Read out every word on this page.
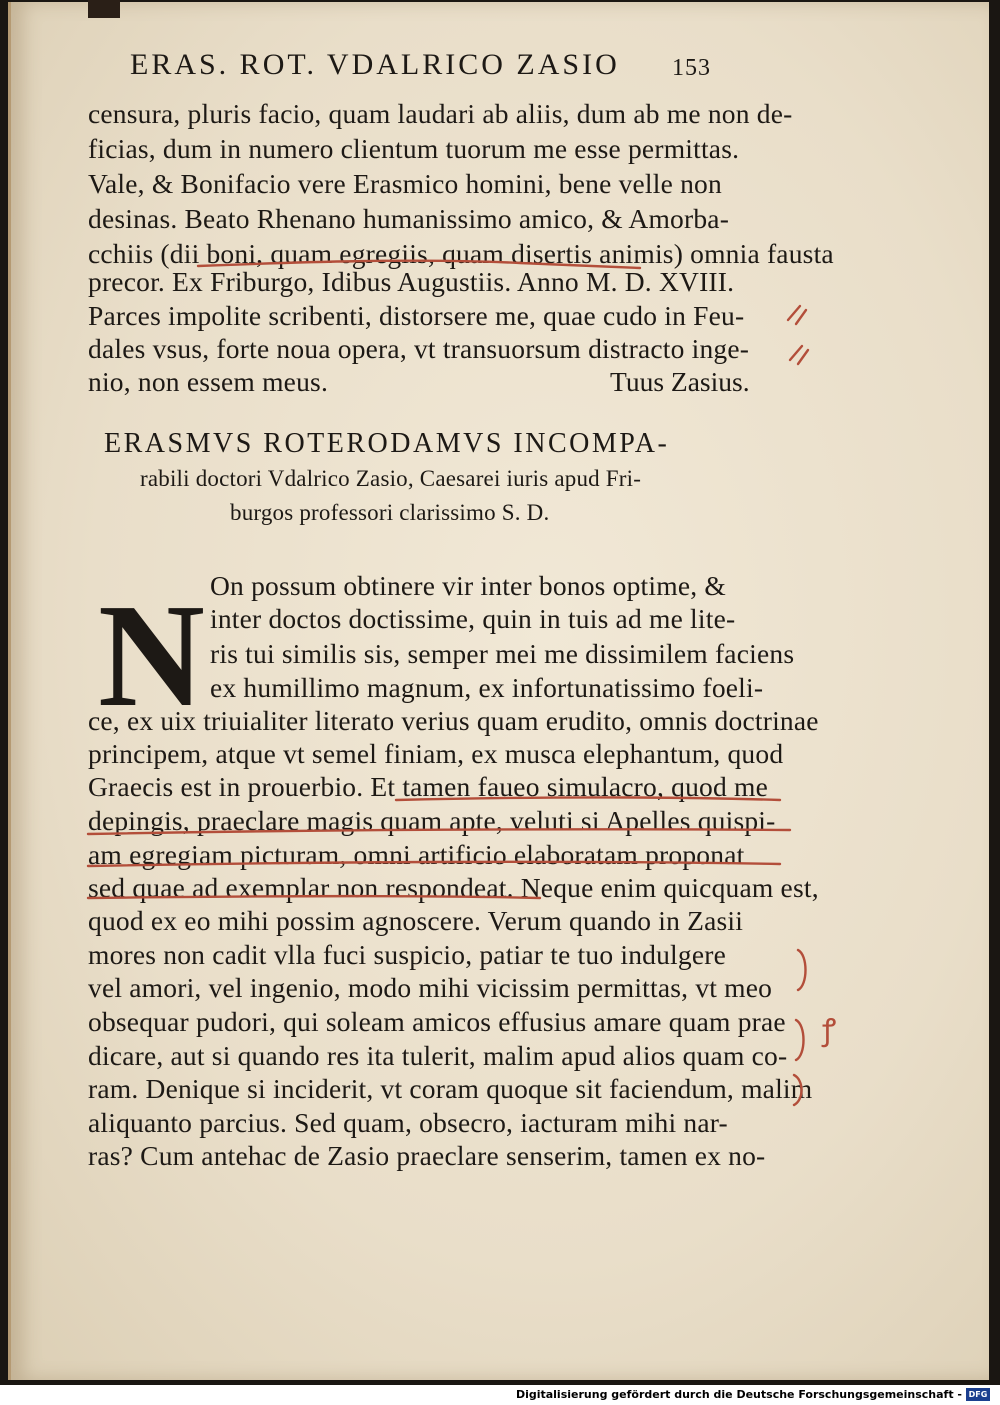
ERAS. ROT. VDALRICO ZASIO 153
censura, pluris facio, quam laudari ab aliis, dum ab me non de-
ficias, dum in numero clientum tuorum me esse permittas.
Vale, & Bonifacio vere Erasmico homini, bene velle non
desinas. Beato Rhenano humanissimo amico, & Amorba-
cchiis (dii boni, quam egregiis, quam disertis animis) omnia fausta
precor. Ex Friburgo, Idibus Augustiis. Anno M. D. XVIII.
Parces impolite scribenti, distorsere me, quae cudo in Feu-
dales vsus, forte noua opera, vt transuorsum distracto inge-
nio, non essem meus.	Tuus Zasius.
ERASMVS ROTERODAMVS INCOMPA-
rabili doctori Vdalrico Zasio, Caesarei iuris apud Fri-
burgos professori clarissimo S. D.
N On possum obtinere vir inter bonos optime, &
inter doctos doctissime, quin in tuis ad me lite-
ris tui similis sis, semper mei me dissimilem faciens
ex humillimo magnum, ex infortunatissimo foeli-
ce, ex uix triuialiter literato verius quam erudito, omnis doctrinae
principem, atque vt semel finiam, ex musca elephantum, quod
Graecis est in prouerbio. Et tamen faueo simulacro, quod me
depingis, praeclare magis quam apte, veluti si Apelles quispi-
am egregiam picturam, omni artificio elaboratam proponat
sed quae ad exemplar non respondeat. Neque enim quicquam est,
quod ex eo mihi possim agnoscere. Verum quando in Zasii
mores non cadit vlla fuci suspicio, patiar te tuo indulgere
vel amori, vel ingenio, modo mihi vicissim permittas, vt meo
obsequar pudori, qui soleam amicos effusius amare quam prae
dicare, aut si quando res ita tulerit, malim apud alios quam co-
ram. Denique si inciderit, vt coram quoque sit faciendum, malim
aliquanto parcius. Sed quam, obsecro, iacturam mihi nar-
ras? Cum antehac de Zasio praeclare senserim, tamen ex no-
ꝭ
Digitalisierung gefördert durch die Deutsche Forschungsgemeinschaft - DFG
